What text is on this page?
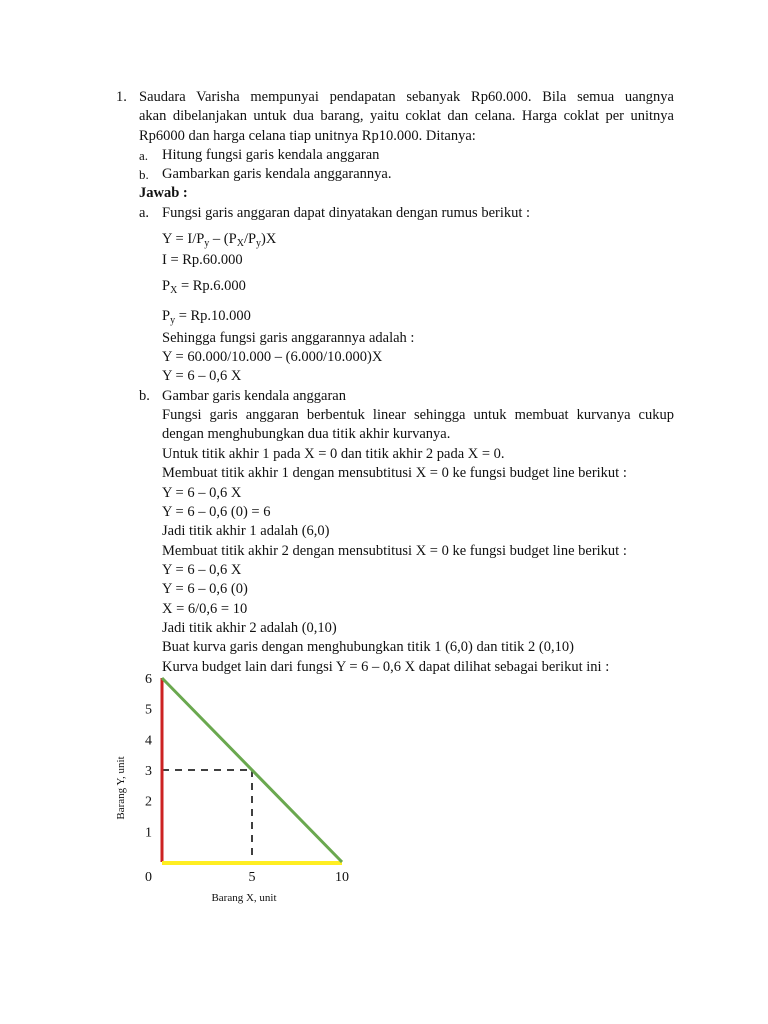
1. Saudara Varisha mempunyai pendapatan sebanyak Rp60.000. Bila semua uangnya
akan dibelanjakan untuk dua barang, yaitu coklat dan celana. Harga coklat per unitnya
Rp6000 dan harga celana tiap unitnya Rp10.000. Ditanya:
a. Hitung fungsi garis kendala anggaran
b. Gambarkan garis kendala anggarannya.
Jawab :
a. Fungsi garis anggaran dapat dinyatakan dengan rumus berikut :
$Y = I/P_y - (P_X/P_y)X$
I = Rp.60.000
$P_X = Rp.6.000$
$P_y = Rp.10.000$
Sehingga fungsi garis anggarannya adalah :
Y = 60.000/10.000 – (6.000/10.000)X
Y = 6 – 0,6 X
b. Gambar garis kendala anggaran
Fungsi garis anggaran berbentuk linear sehingga untuk membuat kurvanya cukup
dengan menghubungkan dua titik akhir kurvanya.
Untuk titik akhir 1 pada X = 0 dan titik akhir 2 pada X = 0.
Membuat titik akhir 1 dengan mensubtitusi X = 0 ke fungsi budget line berikut :
Y = 6 – 0,6 X
Y = 6 – 0,6 (0) = 6
Jadi titik akhir 1 adalah (6,0)
Membuat titik akhir 2 dengan mensubtitusi X = 0 ke fungsi budget line berikut :
Y = 6 – 0,6 X
Y = 6 – 0,6 (0)
X = 6/0,6 = 10
Jadi titik akhir 2 adalah (0,10)
Buat kurva garis dengan menghubungkan titik 1 (6,0) dan titik 2 (0,10)
Kurva budget lain dari fungsi Y = 6 – 0,6 X dapat dilihat sebagai berikut ini :
1
2
3
4
5
6
0	5	10
Barang Y, unit
Barang X, unit
